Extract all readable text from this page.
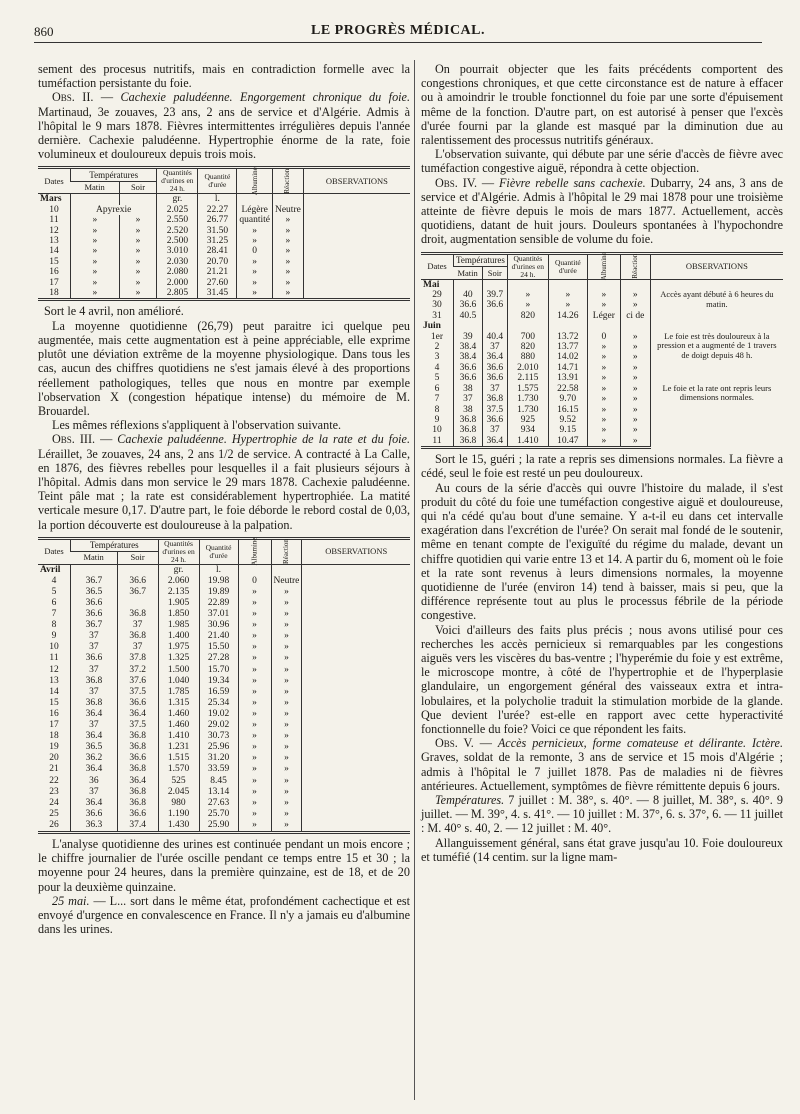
860	LE PROGRÈS MÉDICAL.

sement des procesus nutritifs, mais en contradiction formelle avec la tuméfaction persistante du foie.

Obs. II. — Cachexie paludéenne. Engorgement chronique du foie. Martinaud, 3e zouaves, 23 ans, 2 ans de service et d'Algérie. Admis à l'hôpital le 9 mars 1878. Fièvres intermittentes irrégulières depuis l'année dernière. Cachexie paludéenne. Hypertrophie énorme de la rate, foie volumineux et douloureux depuis trois mois.

Dates	Températures		Quantités d'urines en 24 h.	Quantité d'urée	Albumine	Réaction	OBSERVATIONS
	Matin	Soir					
Mars			gr.	l.			
10	Apyrexie		2.025	22.27	Légère	Neutre	
11	»	»	2.550	26.77	quantité	»	
12	»	»	2.520	31.50	»	»	
13	»	»	2.500	31.25	»	»	
14	»	»	3.010	28.41	0	»	
15	»	»	2.030	20.70	»	»	
16	»	»	2.080	21.21	»	»	
17	»	»	2.000	27.60	»	»	
18	»	»	2.805	31.45	»	»	

Sort le 4 avril, non amélioré.

La moyenne quotidienne (26,79) peut paraitre ici quelque peu augmentée, mais cette augmentation est à peine appréciable, elle exprime plutôt une déviation extrême de la moyenne physiologique. Dans tous les cas, aucun des chiffres quotidiens ne s'est jamais élevé à des proportions réellement pathologiques, telles que nous en montre par exemple l'observation X (congestion hépatique intense) du mémoire de M. Brouardel.

Les mêmes réflexions s'appliquent à l'observation suivante.

Obs. III. — Cachexie paludéenne. Hypertrophie de la rate et du foie. Léraillet, 3e zouaves, 24 ans, 2 ans 1/2 de service. A contracté à La Calle, en 1876, des fièvres rebelles pour lesquelles il a fait plusieurs séjours à l'hôpital. Admis dans mon service le 29 mars 1878. Cachexie paludéenne. Teint pâle mat ; la rate est considérablement hypertrophiée. La matité verticale mesure 0,17. D'autre part, le foie déborde le rebord costal de 0,03, la portion découverte est douloureuse à la palpation.

Dates	Températures		Quantités d'urines en 24 h.	Quantité d'urée	Albumine	Réaction	OBSERVATIONS
	Matin	Soir					
Avril			gr.	l.			
4	36.7	36.6	2.060	19.98	0	Neutre	
5	36.5	36.7	2.135	19.89	»	»	
6	36.6		1.905	22.89	»	»	
7	36.6	36.8	1.850	37.01	»	»	
8	36.7	37	1.985	30.96	»	»	
9	37	36.8	1.400	21.40	»	»	
10	37	37	1.975	15.50	»	»	
11	36.6	37.8	1.325	27.28	»	»	
12	37	37.2	1.500	15.70	»	»	
13	36.8	37.6	1.040	19.34	»	»	
14	37	37.5	1.785	16.59	»	»	
15	36.8	36.6	1.315	25.34	»	»	
16	36.4	36.4	1.460	19.02	»	»	
17	37	37.5	1.460	29.02	»	»	
18	36.4	36.8	1.410	30.73	»	»	
19	36.5	36.8	1.231	25.96	»	»	
20	36.2	36.6	1.515	31.20	»	»	
21	36.4	36.8	1.570	33.59	»	»	
22	36	36.4	525	8.45	»	»	
23	37	36.8	2.045	13.14	»	»	
24	36.4	36.8	980	27.63	»	»	
25	36.6	36.6	1.190	25.70	»	»	
26	36.3	37.4	1.430	25.90	»	»	

L'analyse quotidienne des urines est continuée pendant un mois encore ; le chiffre journalier de l'urée oscille pendant ce temps entre 15 et 30 ; la moyenne pour 24 heures, dans la première quinzaine, est de 18, et de 20 pour la deuxième quinzaine.

25 mai. — L... sort dans le même état, profondément cachectique et est envoyé d'urgence en convalescence en France. Il n'y a jamais eu d'albumine dans les urines.

On pourrait objecter que les faits précédents comportent des congestions chroniques, et que cette circonstance est de nature à effacer ou à amoindrir le trouble fonctionnel du foie par une sorte d'épuisement même de la fonction. D'autre part, on est autorisé à penser que l'excès d'urée fourni par la glande est masqué par la diminution due au ralentissement des processus nutritifs généraux.

L'observation suivante, qui débute par une série d'accès de fièvre avec tuméfaction congestive aiguë, répondra à cette objection.

Obs. IV. — Fièvre rebelle sans cachexie. Dubarry, 24 ans, 3 ans de service et d'Algérie. Admis à l'hôpital le 29 mai 1878 pour une troisième atteinte de fièvre depuis le mois de mars 1877. Actuellement, accès quotidiens, datant de huit jours. Douleurs spontanées à l'hypochondre droit, augmentation sensible de volume du foie.

Dates	Températures		Quantités d'urines en 24 h.	Quantité d'urée	Albumine	Réaction	OBSERVATIONS
	Matin	Soir					
Mai							
29	40	39.7	»	»	»	»	Accès ayant débuté à 6 heures du matin.
30	36.6	36.6	»	»	»	»	
31	40.5		820	14.26	Léger	ci de	
Juin							
1er	39	40.4	700	13.72	0	»	Le foie est très douloureux à la pression et a augmenté de 1 travers de doigt depuis 48 h.
2	38.4	37	820	13.77	»	»	
3	38.4	36.4	880	14.02	»	»	
4	36.6	36.6	2.010	14.71	»	»	
5	36.6	36.6	2.115	13.91	»	»	
6	38	37	1.575	22.58	»	»	Le foie et la rate ont repris leurs dimensions normales.
7	37	36.8	1.730	9.70	»	»	
8	38	37.5	1.730	16.15	»	»	
9	36.8	36.6	925	9.52	»	»	
10	36.8	37	934	9.15	»	»	
11	36.8	36.4	1.410	10.47	»	»	

Sort le 15, guéri ; la rate a repris ses dimensions normales. La fièvre a cédé, seul le foie est resté un peu douloureux.

Au cours de la série d'accès qui ouvre l'histoire du malade, il s'est produit du côté du foie une tuméfaction congestive aiguë et douloureuse, qui n'a cédé qu'au bout d'une semaine. Y a-t-il eu dans cet intervalle exagération dans l'excrétion de l'urée? On serait mal fondé de le soutenir, même en tenant compte de l'exiguïté du régime du malade, devant un chiffre quotidien qui varie entre 13 et 14. A partir du 6, moment où le foie et la rate sont revenus à leurs dimensions normales, la moyenne quotidienne de l'urée (environ 14) tend à baisser, mais si peu, que la différence représente tout au plus le processus fébrile de la période congestive.

Voici d'ailleurs des faits plus précis ; nous avons utilisé pour ces recherches les accès pernicieux si remarquables par les congestions aiguës vers les viscères du bas-ventre ; l'hyperémie du foie y est extrême, le microscope montre, à côté de l'hypertrophie et de l'hyperplasie glandulaire, un engorgement général des vaisseaux extra et intra-lobulaires, et la polycholie traduit la stimulation morbide de la glande. Que devient l'urée? est-elle en rapport avec cette hyperactivité fonctionnelle du foie? Voici ce que répondent les faits.

Obs. V. — Accès pernicieux, forme comateuse et délirante. Ictère. Graves, soldat de la remonte, 3 ans de service et 15 mois d'Algérie ; admis à l'hôpital le 7 juillet 1878. Pas de maladies ni de fièvres antérieures. Actuellement, symptômes de fièvre rémittente depuis 6 jours.

Températures. 7 juillet : M. 38°, s. 40°. — 8 juillet, M. 38°, s. 40°. 9 juillet. — M. 39°, 4. s. 41°. — 10 juillet : M. 37°, 6. s. 37°, 6. — 11 juillet : M. 40° s. 40, 2. — 12 juillet : M. 40°.

Allanguissement général, sans état grave jusqu'au 10. Foie douloureux et tuméfié (14 centim. sur la ligne mam-
